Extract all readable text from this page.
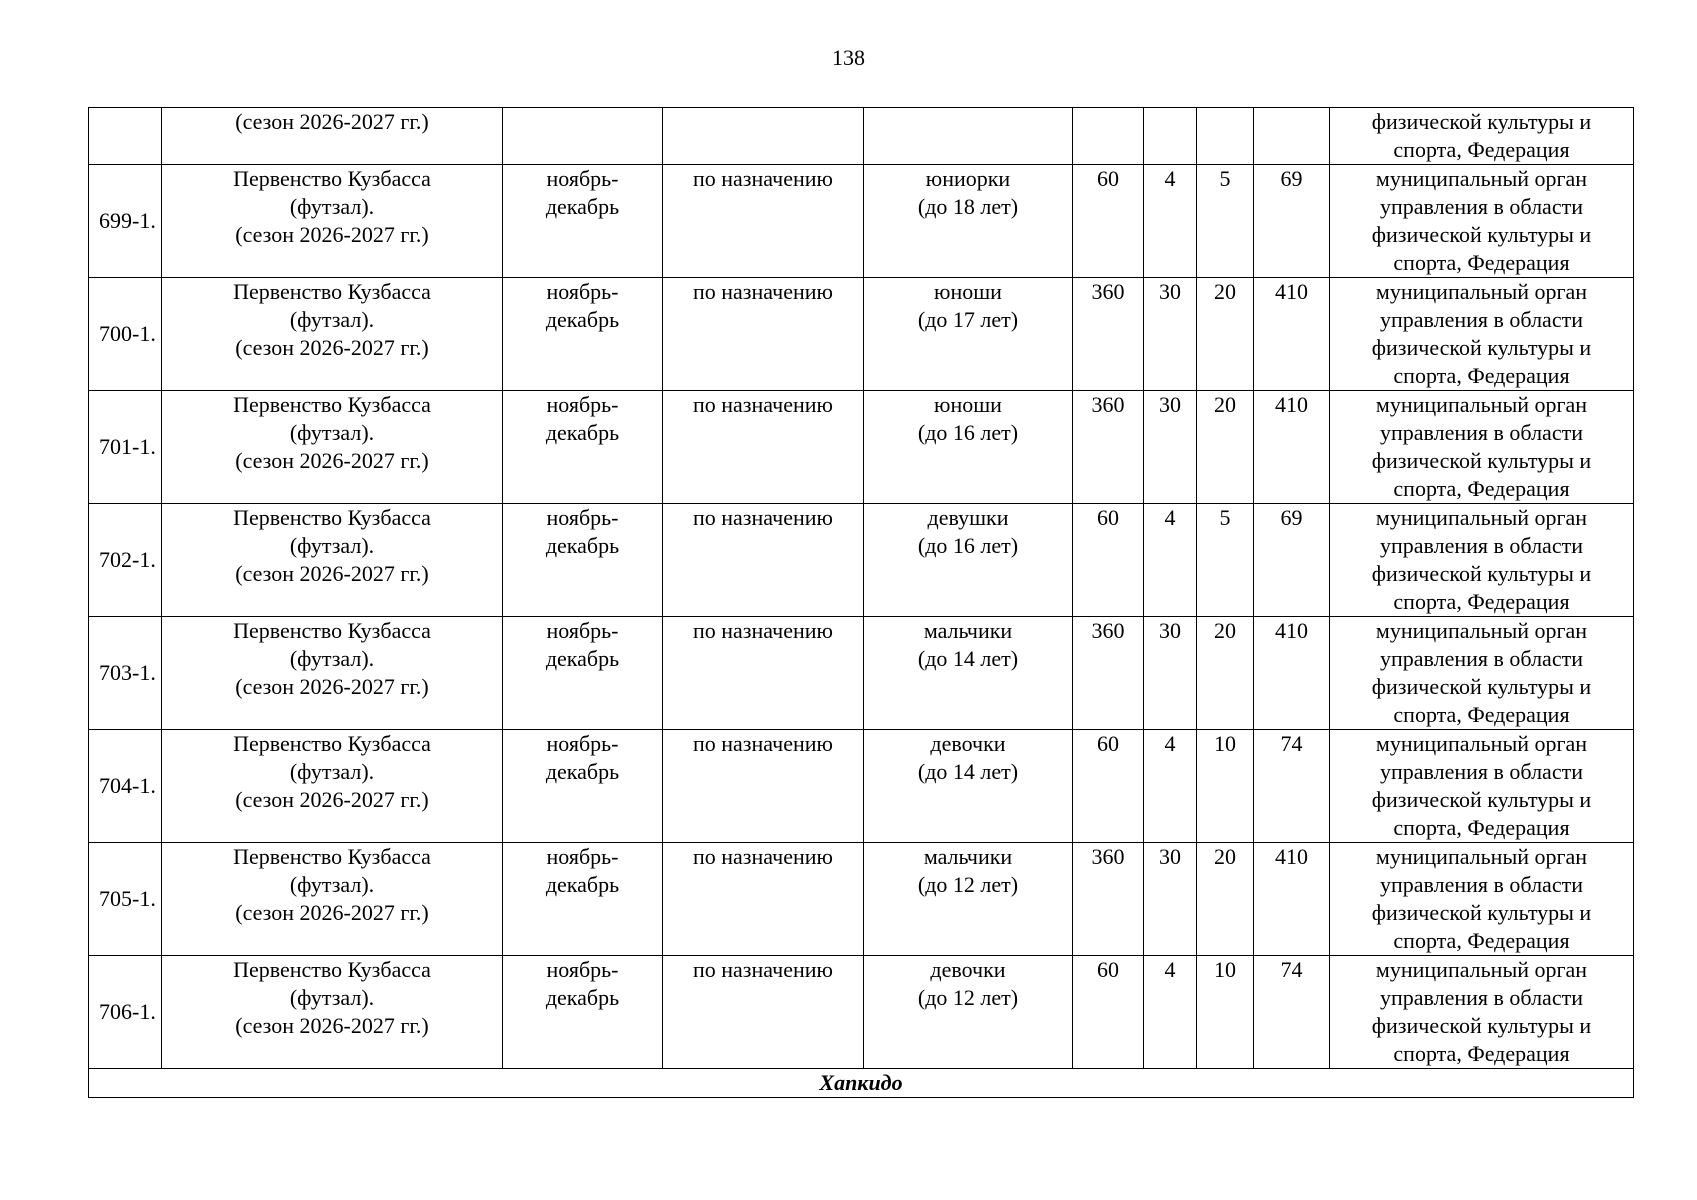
138
	(сезон 2026-2027 гг.)								физической культуры и
спорта, Федерация
699-1.	Первенство Кузбасса
(футзал).
(сезон 2026-2027 гг.)	ноябрь-
декабрь	по назначению	юниорки
(до 18 лет)	60	4	5	69	муниципальный орган
управления в области
физической культуры и
спорта, Федерация
700-1.	Первенство Кузбасса
(футзал).
(сезон 2026-2027 гг.)	ноябрь-
декабрь	по назначению	юноши
(до 17 лет)	360	30	20	410	муниципальный орган
управления в области
физической культуры и
спорта, Федерация
701-1.	Первенство Кузбасса
(футзал).
(сезон 2026-2027 гг.)	ноябрь-
декабрь	по назначению	юноши
(до 16 лет)	360	30	20	410	муниципальный орган
управления в области
физической культуры и
спорта, Федерация
702-1.	Первенство Кузбасса
(футзал).
(сезон 2026-2027 гг.)	ноябрь-
декабрь	по назначению	девушки
(до 16 лет)	60	4	5	69	муниципальный орган
управления в области
физической культуры и
спорта, Федерация
703-1.	Первенство Кузбасса
(футзал).
(сезон 2026-2027 гг.)	ноябрь-
декабрь	по назначению	мальчики
(до 14 лет)	360	30	20	410	муниципальный орган
управления в области
физической культуры и
спорта, Федерация
704-1.	Первенство Кузбасса
(футзал).
(сезон 2026-2027 гг.)	ноябрь-
декабрь	по назначению	девочки
(до 14 лет)	60	4	10	74	муниципальный орган
управления в области
физической культуры и
спорта, Федерация
705-1.	Первенство Кузбасса
(футзал).
(сезон 2026-2027 гг.)	ноябрь-
декабрь	по назначению	мальчики
(до 12 лет)	360	30	20	410	муниципальный орган
управления в области
физической культуры и
спорта, Федерация
706-1.	Первенство Кузбасса
(футзал).
(сезон 2026-2027 гг.)	ноябрь-
декабрь	по назначению	девочки
(до 12 лет)	60	4	10	74	муниципальный орган
управления в области
физической культуры и
спорта, Федерация
Хапкидо									
